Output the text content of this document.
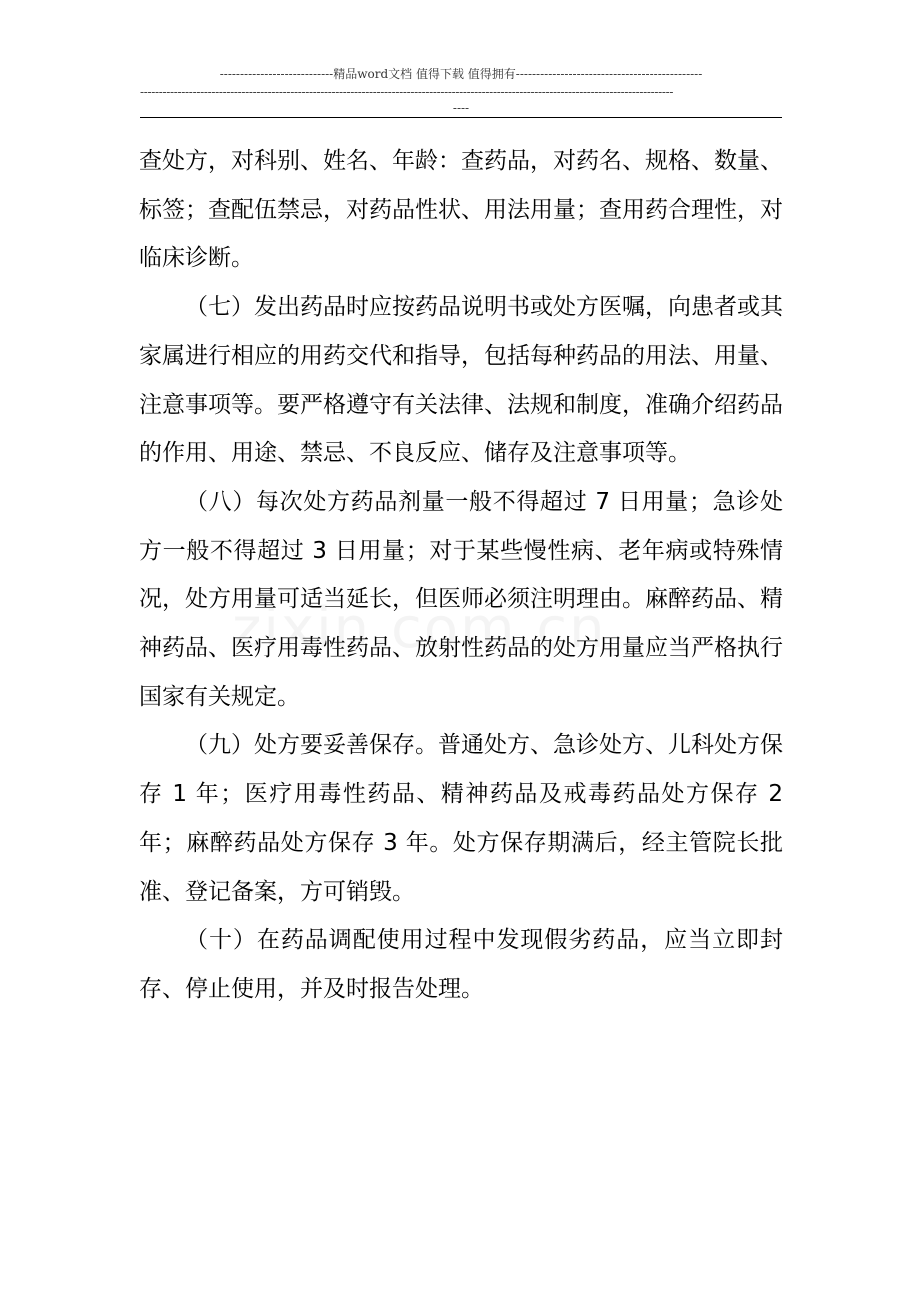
----------------------------精品word文档 值得下载 值得拥有----------------------------------------------
----------------------------------------------------------------------------------------------------------------------------------------------
----

查处方，对科别、姓名、年龄：查药品，对药名、规格、数量、标签；查配伍禁忌，对药品性状、用法用量；查用药合理性，对临床诊断。

（七）发出药品时应按药品说明书或处方医嘱，向患者或其家属进行相应的用药交代和指导，包括每种药品的用法、用量、注意事项等。要严格遵守有关法律、法规和制度，准确介绍药品的作用、用途、禁忌、不良反应、储存及注意事项等。

（八）每次处方药品剂量一般不得超过 7 日用量；急诊处方一般不得超过 3 日用量；对于某些慢性病、老年病或特殊情况，处方用量可适当延长，但医师必须注明理由。麻醉药品、精神药品、医疗用毒性药品、放射性药品的处方用量应当严格执行国家有关规定。

（九）处方要妥善保存。普通处方、急诊处方、儿科处方保存 1 年；医疗用毒性药品、精神药品及戒毒药品处方保存 2 年；麻醉药品处方保存 3 年。处方保存期满后，经主管院长批准、登记备案，方可销毁。

（十）在药品调配使用过程中发现假劣药品，应当立即封存、停止使用，并及时报告处理。
